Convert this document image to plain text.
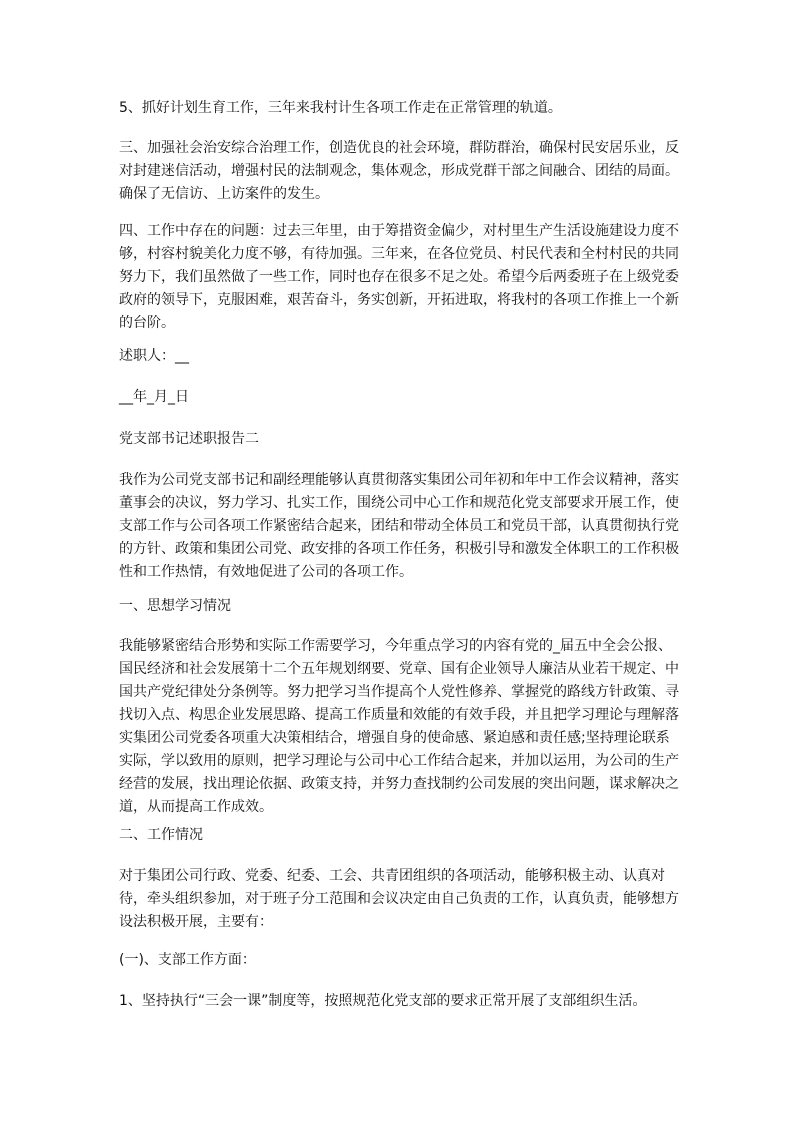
5、抓好计划生育工作，三年来我村计生各项工作走在正常管理的轨道。

三、加强社会治安综合治理工作，创造优良的社会环境，群防群治，确保村民安居乐业，反对封建迷信活动，增强村民的法制观念，集体观念，形成党群干部之间融合、团结的局面。确保了无信访、上访案件的发生。

四、工作中存在的问题：过去三年里，由于筹措资金偏少，对村里生产生活设施建设力度不够，村容村貌美化力度不够，有待加强。三年来，在各位党员、村民代表和全村村民的共同努力下，我们虽然做了一些工作，同时也存在很多不足之处。希望今后两委班子在上级党委政府的领导下，克服困难，艰苦奋斗，务实创新，开拓进取，将我村的各项工作推上一个新的台阶。

述职人：__

__年_月_日

党支部书记述职报告二

我作为公司党支部书记和副经理能够认真贯彻落实集团公司年初和年中工作会议精神，落实董事会的决议，努力学习、扎实工作，围绕公司中心工作和规范化党支部要求开展工作，使支部工作与公司各项工作紧密结合起来，团结和带动全体员工和党员干部，认真贯彻执行党的方针、政策和集团公司党、政安排的各项工作任务，积极引导和激发全体职工的工作积极性和工作热情，有效地促进了公司的各项工作。

一、思想学习情况

我能够紧密结合形势和实际工作需要学习，今年重点学习的内容有党的_届五中全会公报、国民经济和社会发展第十二个五年规划纲要、党章、国有企业领导人廉洁从业若干规定、中国共产党纪律处分条例等。努力把学习当作提高个人党性修养、掌握党的路线方针政策、寻找切入点、构思企业发展思路、提高工作质量和效能的有效手段，并且把学习理论与理解落实集团公司党委各项重大决策相结合，增强自身的使命感、紧迫感和责任感;坚持理论联系实际，学以致用的原则，把学习理论与公司中心工作结合起来，并加以运用，为公司的生产经营的发展，找出理论依据、政策支持，并努力查找制约公司发展的突出问题，谋求解决之道，从而提高工作成效。

二、工作情况

对于集团公司行政、党委、纪委、工会、共青团组织的各项活动，能够积极主动、认真对待，牵头组织参加，对于班子分工范围和会议决定由自己负责的工作，认真负责，能够想方设法积极开展，主要有：

(一)、支部工作方面：

1、坚持执行“三会一课”制度等，按照规范化党支部的要求正常开展了支部组织生活。
